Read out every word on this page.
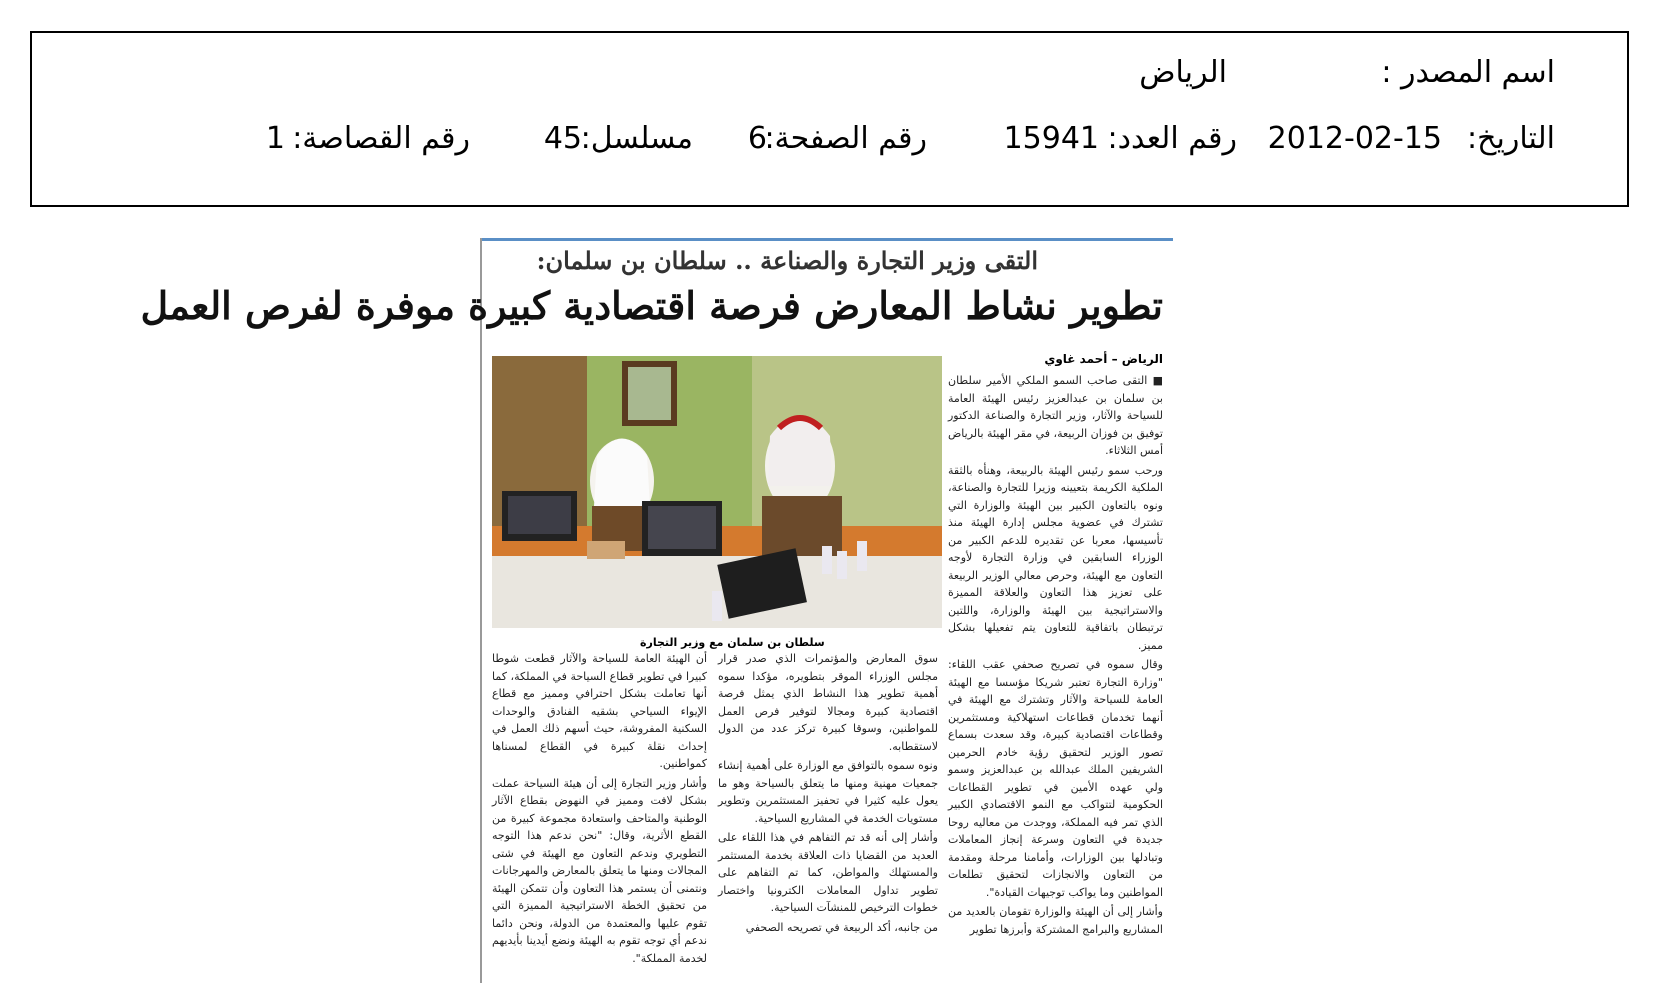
اسم المصدر :
الرياض
التاريخ:
2012-02-15
رقم العدد:
15941
رقم الصفحة:
6
مسلسل:
45
رقم القصاصة:
1
التقى وزير التجارة والصناعة .. سلطان بن سلمان:
تطوير نشاط المعارض فرصة اقتصادية كبيرة موفرة لفرص العمل
الرياض – أحمد غاوي
سلطان بن سلمان مع وزير التجارة

■ التقى صاحب السمو الملكي الأمير سلطان بن سلمان بن عبدالعزيز رئيس الهيئة العامة للسياحة والآثار، وزير التجارة والصناعة الدكتور توفيق بن فوزان الربيعة، في مقر الهيئة بالرياض أمس الثلاثاء.

ورحب سمو رئيس الهيئة بالربيعة، وهنأه بالثقة الملكية الكريمة بتعيينه وزيرا للتجارة والصناعة، ونوه بالتعاون الكبير بين الهيئة والوزارة التي تشترك في عضوية مجلس إدارة الهيئة منذ تأسيسها، معربا عن تقديره للدعم الكبير من الوزراء السابقين في وزارة التجارة لأوجه التعاون مع الهيئة، وحرص معالي الوزير الربيعة على تعزيز هذا التعاون والعلاقة المميزة والاستراتيجية بين الهيئة والوزارة، واللتين ترتبطان باتفاقية للتعاون يتم تفعيلها بشكل مميز.

وقال سموه في تصريح صحفي عقب اللقاء: "وزارة التجارة تعتبر شريكا مؤسسا مع الهيئة العامة للسياحة والآثار وتشترك مع الهيئة في أنهما تخدمان قطاعات استهلاكية ومستثمرين وقطاعات اقتصادية كبيرة، وقد سعدت بسماع تصور الوزير لتحقيق رؤية خادم الحرمين الشريفين الملك عبدالله بن عبدالعزيز وسمو ولي عهده الأمين في تطوير القطاعات الحكومية لتتواكب مع النمو الاقتصادي الكبير الذي تمر فيه المملكة، ووجدت من معاليه روحا جديدة في التعاون وسرعة إنجاز المعاملات وتبادلها بين الوزارات، وأمامنا مرحلة ومقدمة من التعاون والانجازات لتحقيق تطلعات المواطنين وما يواكب توجيهات القيادة".

وأشار إلى أن الهيئة والوزارة تقومان بالعديد من المشاريع والبرامج المشتركة وأبرزها تطوير

سوق المعارض والمؤتمرات الذي صدر قرار مجلس الوزراء الموقر بتطويره، مؤكدا سموه أهمية تطوير هذا النشاط الذي يمثل فرصة اقتصادية كبيرة ومجالا لتوفير فرص العمل للمواطنين، وسوقا كبيرة تركز عدد من الدول لاستقطابه.

ونوه سموه بالتوافق مع الوزارة على أهمية إنشاء جمعيات مهنية ومنها ما يتعلق بالسياحة وهو ما يعول عليه كثيرا في تحفيز المستثمرين وتطوير مستويات الخدمة في المشاريع السياحية.

وأشار إلى أنه قد تم التفاهم في هذا اللقاء على العديد من القضايا ذات العلاقة بخدمة المستثمر والمستهلك والمواطن، كما تم التفاهم على تطوير تداول المعاملات الكترونيا واختصار خطوات الترخيص للمنشآت السياحية.

من جانبه، أكد الربيعة في تصريحه الصحفي

أن الهيئة العامة للسياحة والآثار قطعت شوطا كبيرا في تطوير قطاع السياحة في المملكة، كما أنها تعاملت بشكل احترافي ومميز مع قطاع الإيواء السياحي بشقيه الفنادق والوحدات السكنية المفروشة، حيث أسهم ذلك العمل في إحداث نقلة كبيرة في القطاع لمسناها كمواطنين.

وأشار وزير التجارة إلى أن هيئة السياحة عملت بشكل لافت ومميز في النهوض بقطاع الآثار الوطنية والمتاحف واستعادة مجموعة كبيرة من القطع الأثرية، وقال: "نحن ندعم هذا التوجه التطويري وندعم التعاون مع الهيئة في شتى المجالات ومنها ما يتعلق بالمعارض والمهرجانات ونتمنى أن يستمر هذا التعاون وأن تتمكن الهيئة من تحقيق الخطة الاستراتيجية المميزة التي تقوم عليها والمعتمدة من الدولة، ونحن دائما ندعم أي توجه تقوم به الهيئة ونضع أيدينا بأيديهم لخدمة المملكة".
